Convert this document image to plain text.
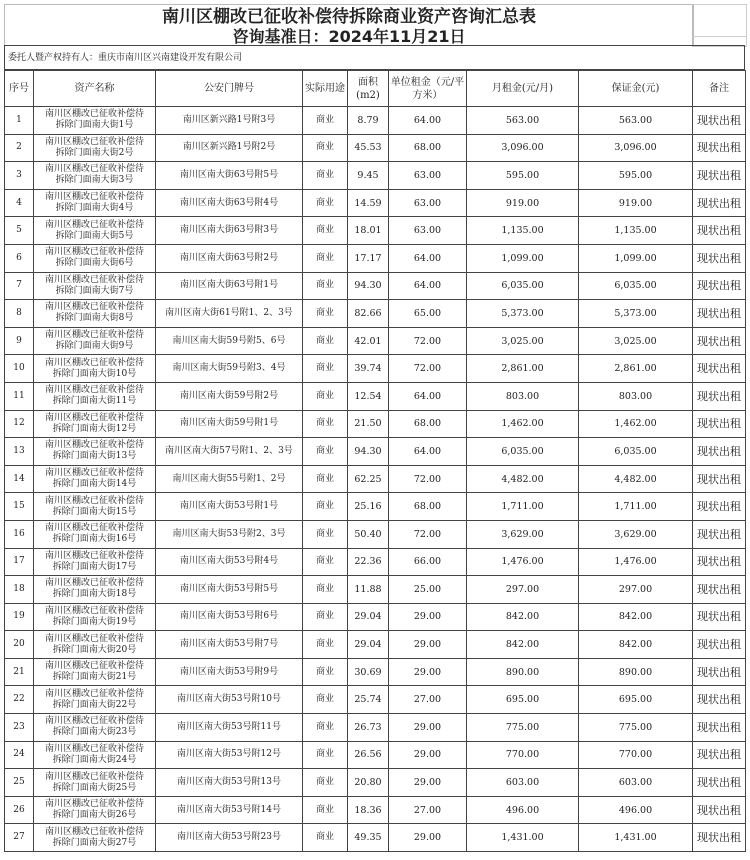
南川区棚改已征收补偿待拆除商业资产咨询汇总表
咨询基准日：2024年11月21日
委托人暨产权持有人：重庆市南川区兴南建设开发有限公司
序号	资产名称	公安门牌号	实际用途	面积(m2)	单位租金（元/平方米）	月租金(元/月)	保证金(元)	备注
1	南川区棚改已征收补偿待拆除门面南大街1号	南川区新兴路1号附3号	商业	8.79	64.00	563.00	563.00	现状出租
2	南川区棚改已征收补偿待拆除门面南大街2号	南川区新兴路1号附2号	商业	45.53	68.00	3,096.00	3,096.00	现状出租
3	南川区棚改已征收补偿待拆除门面南大街3号	南川区南大街63号附5号	商业	9.45	63.00	595.00	595.00	现状出租
4	南川区棚改已征收补偿待拆除门面南大街4号	南川区南大街63号附4号	商业	14.59	63.00	919.00	919.00	现状出租
5	南川区棚改已征收补偿待拆除门面南大街5号	南川区南大街63号附3号	商业	18.01	63.00	1,135.00	1,135.00	现状出租
6	南川区棚改已征收补偿待拆除门面南大街6号	南川区南大街63号附2号	商业	17.17	64.00	1,099.00	1,099.00	现状出租
7	南川区棚改已征收补偿待拆除门面南大街7号	南川区南大街63号附1号	商业	94.30	64.00	6,035.00	6,035.00	现状出租
8	南川区棚改已征收补偿待拆除门面南大街8号	南川区南大街61号附1、2、3号	商业	82.66	65.00	5,373.00	5,373.00	现状出租
9	南川区棚改已征收补偿待拆除门面南大街9号	南川区南大街59号附5、6号	商业	42.01	72.00	3,025.00	3,025.00	现状出租
10	南川区棚改已征收补偿待拆除门面南大街10号	南川区南大街59号附3、4号	商业	39.74	72.00	2,861.00	2,861.00	现状出租
11	南川区棚改已征收补偿待拆除门面南大街11号	南川区南大街59号附2号	商业	12.54	64.00	803.00	803.00	现状出租
12	南川区棚改已征收补偿待拆除门面南大街12号	南川区南大街59号附1号	商业	21.50	68.00	1,462.00	1,462.00	现状出租
13	南川区棚改已征收补偿待拆除门面南大街13号	南川区南大街57号附1、2、3号	商业	94.30	64.00	6,035.00	6,035.00	现状出租
14	南川区棚改已征收补偿待拆除门面南大街14号	南川区南大街55号附1、2号	商业	62.25	72.00	4,482.00	4,482.00	现状出租
15	南川区棚改已征收补偿待拆除门面南大街15号	南川区南大街53号附1号	商业	25.16	68.00	1,711.00	1,711.00	现状出租
16	南川区棚改已征收补偿待拆除门面南大街16号	南川区南大街53号附2、3号	商业	50.40	72.00	3,629.00	3,629.00	现状出租
17	南川区棚改已征收补偿待拆除门面南大街17号	南川区南大街53号附4号	商业	22.36	66.00	1,476.00	1,476.00	现状出租
18	南川区棚改已征收补偿待拆除门面南大街18号	南川区南大街53号附5号	商业	11.88	25.00	297.00	297.00	现状出租
19	南川区棚改已征收补偿待拆除门面南大街19号	南川区南大街53号附6号	商业	29.04	29.00	842.00	842.00	现状出租
20	南川区棚改已征收补偿待拆除门面南大街20号	南川区南大街53号附7号	商业	29.04	29.00	842.00	842.00	现状出租
21	南川区棚改已征收补偿待拆除门面南大街21号	南川区南大街53号附9号	商业	30.69	29.00	890.00	890.00	现状出租
22	南川区棚改已征收补偿待拆除门面南大街22号	南川区南大街53号附10号	商业	25.74	27.00	695.00	695.00	现状出租
23	南川区棚改已征收补偿待拆除门面南大街23号	南川区南大街53号附11号	商业	26.73	29.00	775.00	775.00	现状出租
24	南川区棚改已征收补偿待拆除门面南大街24号	南川区南大街53号附12号	商业	26.56	29.00	770.00	770.00	现状出租
25	南川区棚改已征收补偿待拆除门面南大街25号	南川区南大街53号附13号	商业	20.80	29.00	603.00	603.00	现状出租
26	南川区棚改已征收补偿待拆除门面南大街26号	南川区南大街53号附14号	商业	18.36	27.00	496.00	496.00	现状出租
27	南川区棚改已征收补偿待拆除门面南大街27号	南川区南大街53号附23号	商业	49.35	29.00	1,431.00	1,431.00	现状出租
